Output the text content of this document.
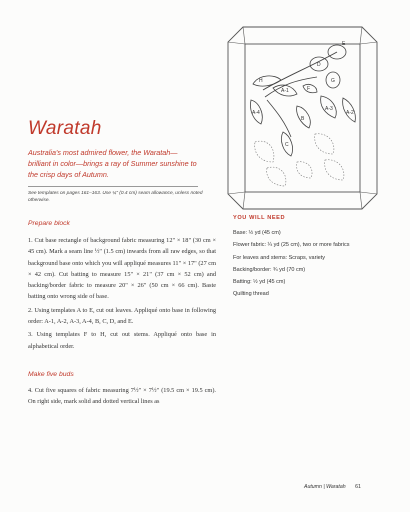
E
D
G
H
F
A-1
A-2
A-3
A-4
B
C
Waratah
Australia's most admired flower, the Waratah—brilliant in color—brings a ray of Summer sunshine to the crisp days of Autumn.
See templates on pages 161–163. Use ¼" (0.4 cm) seam allowance, unless noted otherwise.
Prepare block

1. Cut base rectangle of background fabric measuring 12" × 18" (30 cm × 45 cm). Mark a seam line ½" (1.5 cm) inwards from all raw edges, so that background base onto which you will appliqué measures 11" × 17" (27 cm × 42 cm). Cut batting to measure 15" × 21" (37 cm × 52 cm) and backing/border fabric to measure 20" × 26" (50 cm × 66 cm). Baste batting onto wrong side of base.

2. Using templates A to E, cut out leaves. Appliqué onto base in following order: A-1, A-2, A-3, A-4, B, C, D, and E.

3. Using templates F to H, cut out stems. Appliqué onto base in alphabetical order.

Make five buds

4. Cut five squares of fabric measuring 7½" × 7½" (19.5 cm × 19.5 cm). On right side, mark solid and dotted vertical lines as

YOU WILL NEED
Base: ½ yd (45 cm)
Flower fabric: ¼ yd (25 cm), two or more fabrics
For leaves and stems: Scraps, variety
Backing/border: ¾ yd (70 cm)
Batting: ½ yd (45 cm)
Quilting thread
Autumn | Waratah 61
